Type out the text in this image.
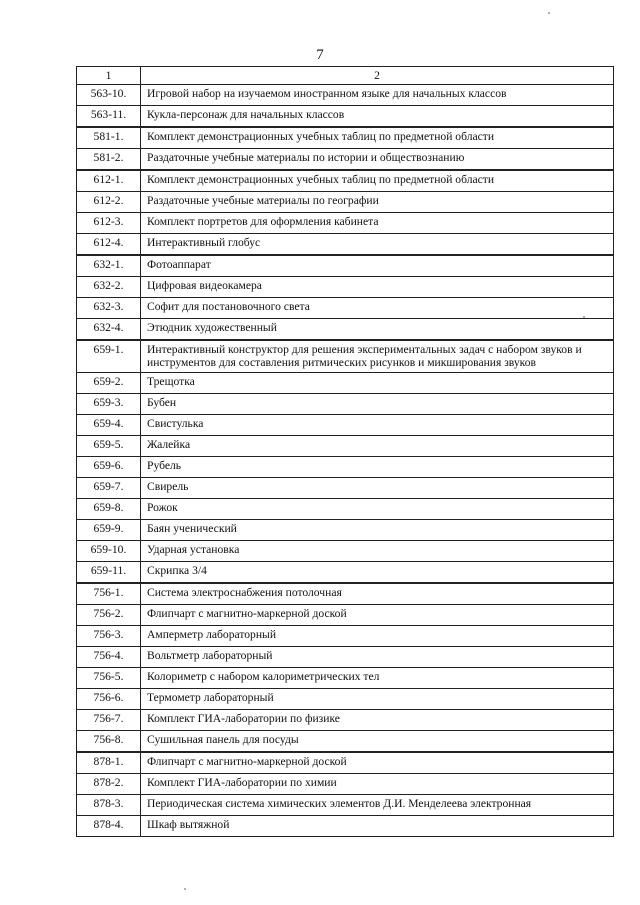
7
1	2
563-10.	Игровой набор на изучаемом иностранном языке для начальных классов
563-11.	Кукла-персонаж для начальных классов
581-1.	Комплект демонстрационных учебных таблиц по предметной области
581-2.	Раздаточные учебные материалы по истории и обществознанию
612-1.	Комплект демонстрационных учебных таблиц по предметной области
612-2.	Раздаточные учебные материалы по географии
612-3.	Комплект портретов для оформления кабинета
612-4.	Интерактивный глобус
632-1.	Фотоаппарат
632-2.	Цифровая видеокамера
632-3.	Софит для постановочного света
632-4.	Этюдник художественный
659-1.	Интерактивный конструктор для решения экспериментальных задач с набором звуков и инструментов для составления ритмических рисунков и микширования звуков
659-2.	Трещотка
659-3.	Бубен
659-4.	Свистулька
659-5.	Жалейка
659-6.	Рубель
659-7.	Свирель
659-8.	Рожок
659-9.	Баян ученический
659-10.	Ударная установка
659-11.	Скрипка 3/4
756-1.	Система электроснабжения потолочная
756-2.	Флипчарт с магнитно-маркерной доской
756-3.	Амперметр лабораторный
756-4.	Вольтметр лабораторный
756-5.	Колориметр с набором калориметрических тел
756-6.	Термометр лабораторный
756-7.	Комплект ГИА-лаборатории по физике
756-8.	Сушильная панель для посуды
878-1.	Флипчарт с магнитно-маркерной доской
878-2.	Комплект ГИА-лаборатории по химии
878-3.	Периодическая система химических элементов Д.И. Менделеева электронная
878-4.	Шкаф вытяжной
